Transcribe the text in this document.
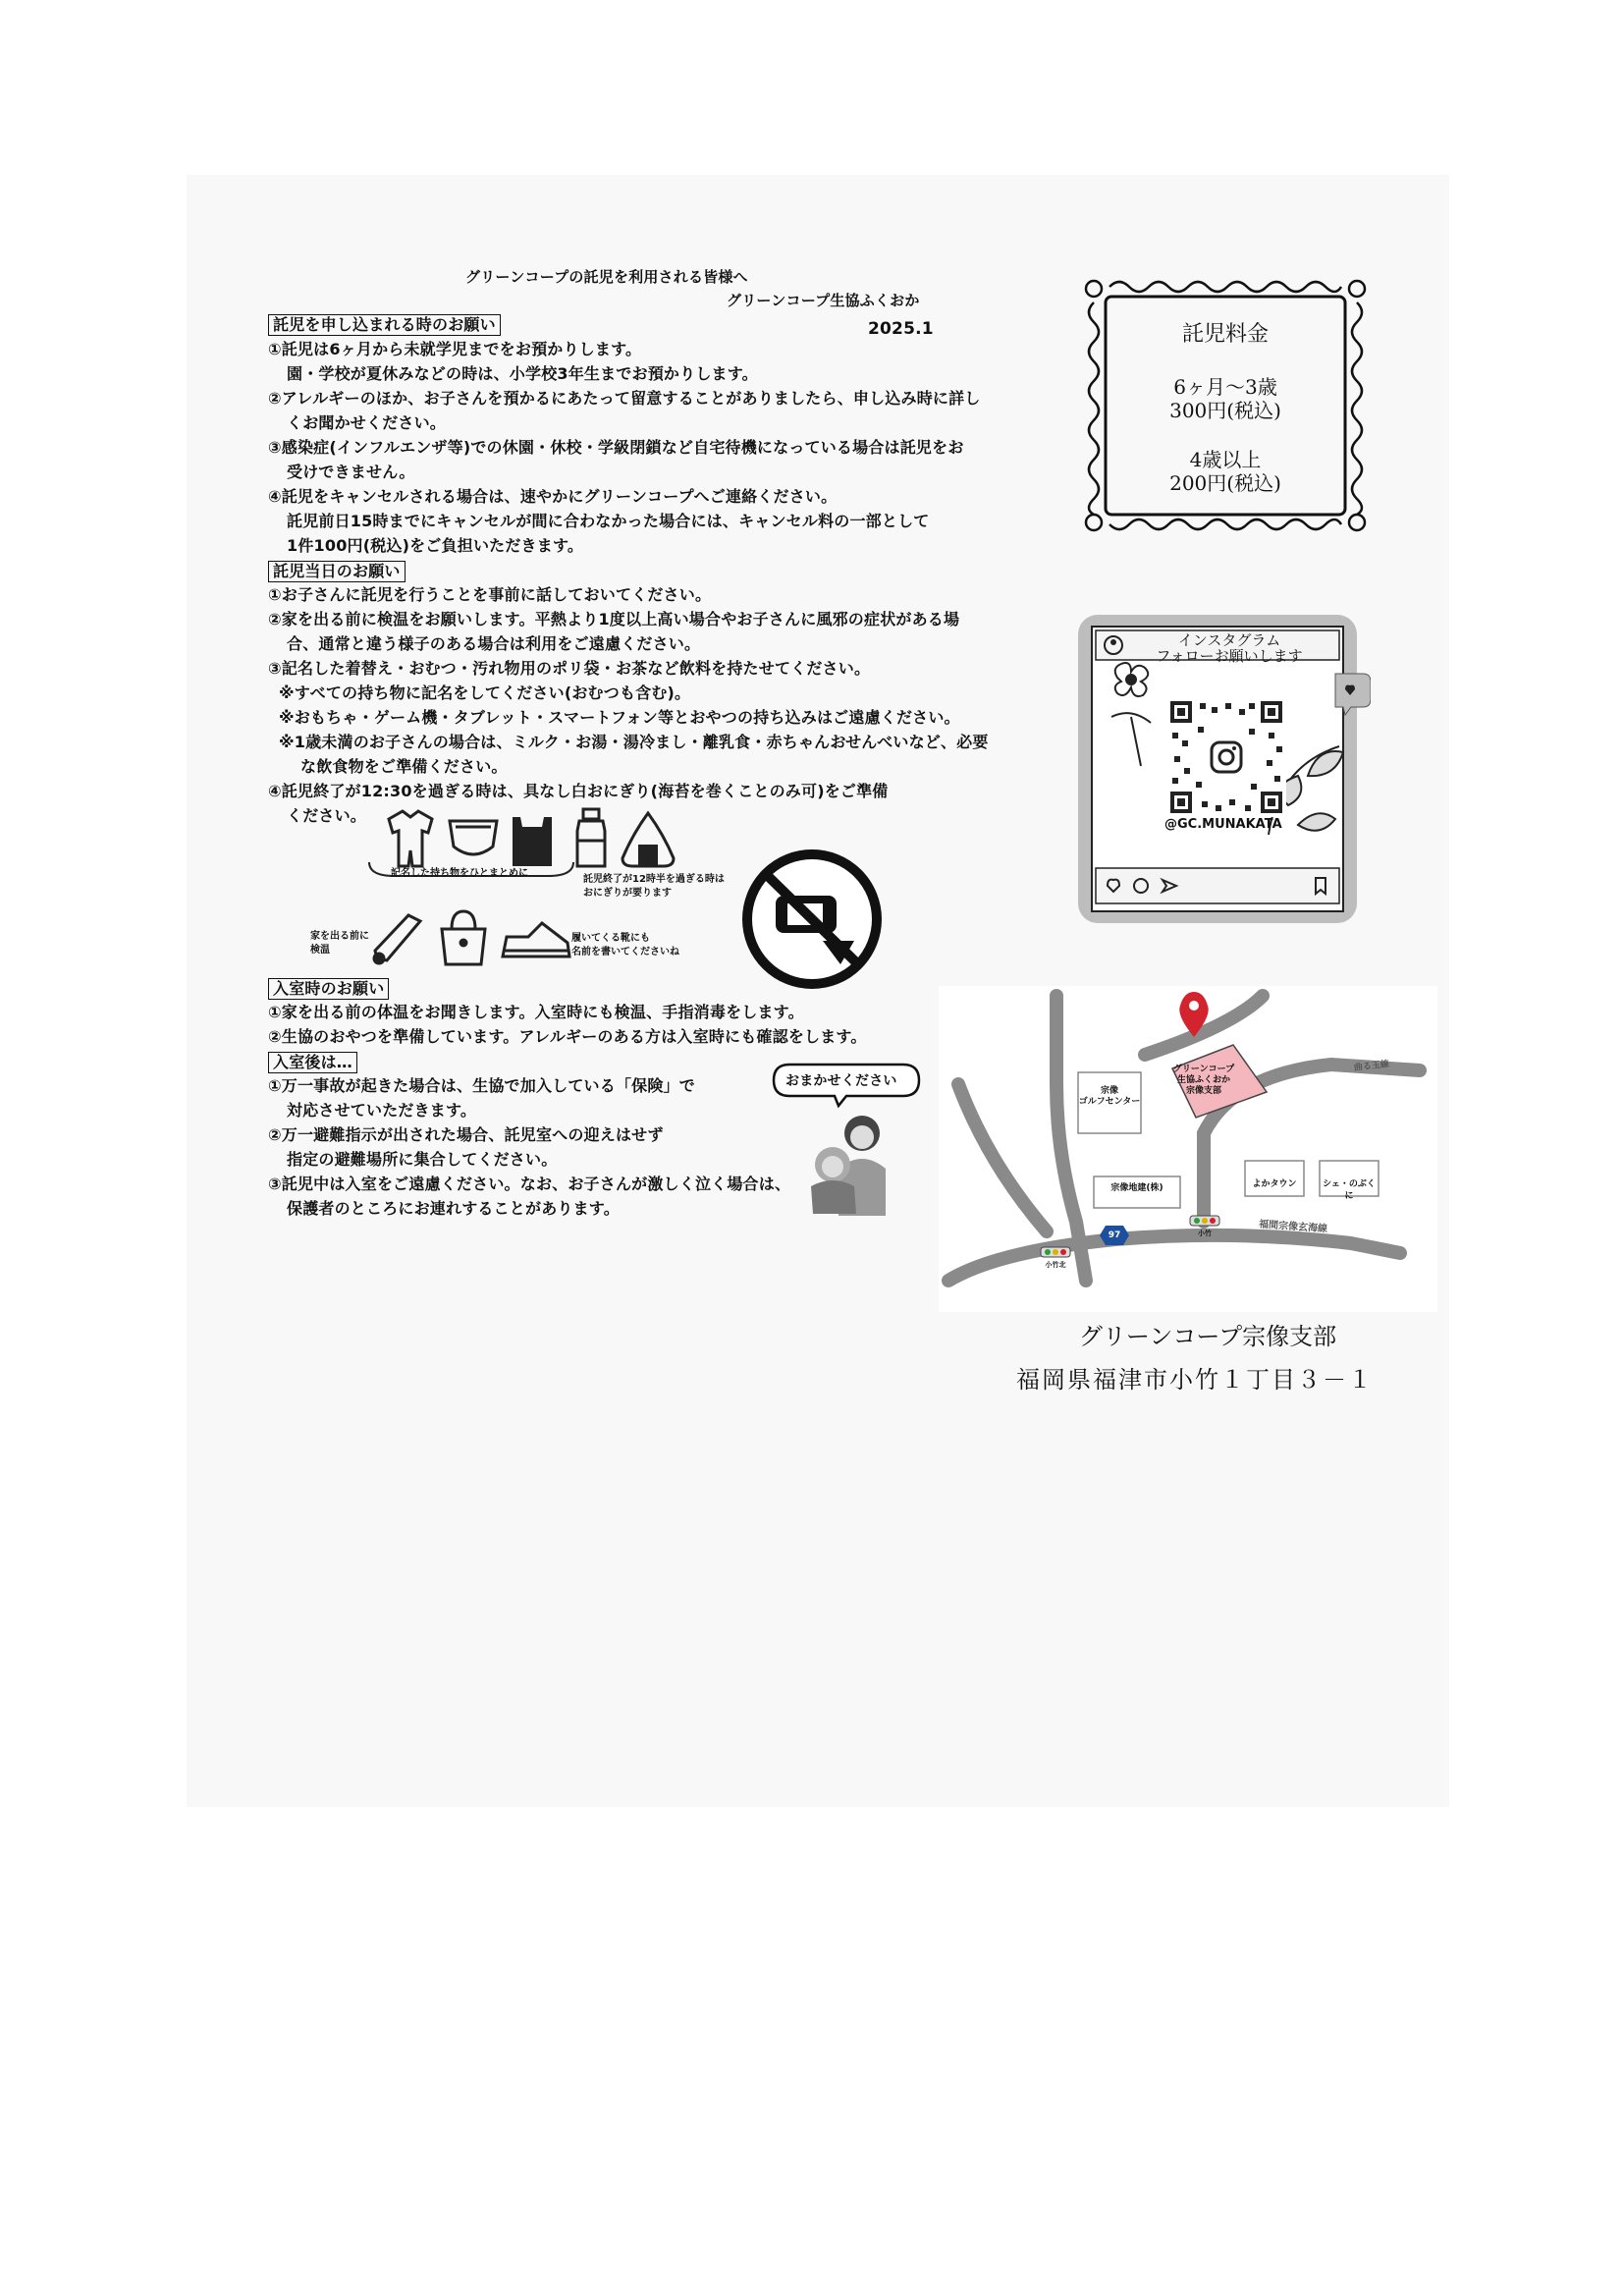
グリーンコープの託児を利用される皆様へ
グリーンコープ生協ふくおか
2025.1
託児を申し込まれる時のお願い
①託児は6ヶ月から未就学児までをお預かりします。
園・学校が夏休みなどの時は、小学校3年生までお預かりします。
②アレルギーのほか、お子さんを預かるにあたって留意することがありましたら、申し込み時に詳し
くお聞かせください。
③感染症(インフルエンザ等)での休園・休校・学級閉鎖など自宅待機になっている場合は託児をお
受けできません。
④託児をキャンセルされる場合は、速やかにグリーンコープへご連絡ください。
託児前日15時までにキャンセルが間に合わなかった場合には、キャンセル料の一部として
1件100円(税込)をご負担いただきます。
託児当日のお願い
①お子さんに託児を行うことを事前に話しておいてください。
②家を出る前に検温をお願いします。平熱より1度以上高い場合やお子さんに風邪の症状がある場
合、通常と違う様子のある場合は利用をご遠慮ください。
③記名した着替え・おむつ・汚れ物用のポリ袋・お茶など飲料を持たせてください。
※すべての持ち物に記名をしてください(おむつも含む)。
※おもちゃ・ゲーム機・タブレット・スマートフォン等とおやつの持ち込みはご遠慮ください。
※1歳未満のお子さんの場合は、ミルク・お湯・湯冷まし・離乳食・赤ちゃんおせんべいなど、必要
な飲食物をご準備ください。
④託児終了が12:30を過ぎる時は、具なし白おにぎり(海苔を巻くことのみ可)をご準備
ください。
記名した持ち物をひとまとめに
託児終了が12時半を過ぎる時は
おにぎりが要ります
家を出る前に
検温
履いてくる靴にも
名前を書いてくださいね
入室時のお願い
①家を出る前の体温をお聞きします。入室時にも検温、手指消毒をします。
②生協のおやつを準備しています。アレルギーのある方は入室時にも確認をします。
入室後は…
①万一事故が起きた場合は、生協で加入している「保険」で
対応させていただきます。
②万一避難指示が出された場合、託児室への迎えはせず
指定の避難場所に集合してください。
③託児中は入室をご遠慮ください。なお、お子さんが激しく泣く場合は、
保護者のところにお連れすることがあります。
おまかせください
託児料金
6ヶ月～3歳
300円(税込)
4歳以上
200円(税込)
インスタグラム
フォローお願いします
@GC.MUNAKATA
グリーンコープ
生協ふくおか
宗像支部
宗像
ゴルフセンター
宗像地建(株)	よかタウン	シェ・のぶくに
曲る玉線
福間宗像玄海線
97	小竹
小竹北
グリーンコープ宗像支部
福岡県福津市小竹１丁目３－１
